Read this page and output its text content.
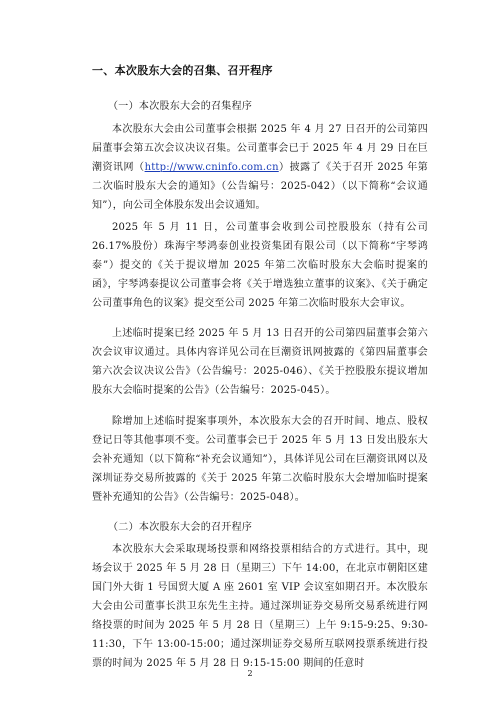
一、本次股东大会的召集、召开程序
（一）本次股东大会的召集程序

本次股东大会由公司董事会根据 2025 年 4 月 27 日召开的公司第四届董事会第五次会议决议召集。公司董事会已于 2025 年 4 月 29 日在巨潮资讯网（http://www.cninfo.com.cn）披露了《关于召开 2025 年第二次临时股东大会的通知》（公告编号：2025-042）（以下简称“会议通知”），向公司全体股东发出会议通知。

2025 年 5 月 11 日，公司董事会收到公司控股股东（持有公司 26.17%股份）珠海宇琴鸿泰创业投资集团有限公司（以下简称“宇琴鸿泰”）提交的《关于提议增加 2025 年第二次临时股东大会临时提案的函》，宇琴鸿泰提议公司董事会将《关于增选独立董事的议案》、《关于确定公司董事角色的议案》提交至公司 2025 年第二次临时股东大会审议。

上述临时提案已经 2025 年 5 月 13 日召开的公司第四届董事会第六次会议审议通过。具体内容详见公司在巨潮资讯网披露的《第四届董事会第六次会议决议公告》（公告编号：2025-046）、《关于控股股东提议增加股东大会临时提案的公告》（公告编号：2025-045）。

除增加上述临时提案事项外，本次股东大会的召开时间、地点、股权登记日等其他事项不变。公司董事会已于 2025 年 5 月 13 日发出股东大会补充通知（以下简称“补充会议通知”），具体详见公司在巨潮资讯网以及深圳证券交易所披露的《关于 2025 年第二次临时股东大会增加临时提案暨补充通知的公告》（公告编号：2025-048）。

（二）本次股东大会的召开程序

本次股东大会采取现场投票和网络投票相结合的方式进行。其中，现场会议于 2025 年 5 月 28 日（星期三）下午 14:00，在北京市朝阳区建国门外大街 1 号国贸大厦 A 座 2601 室 VIP 会议室如期召开。本次股东大会由公司董事长洪卫东先生主持。通过深圳证券交易所交易系统进行网络投票的时间为 2025 年 5 月 28 日（星期三）上午 9:15-9:25、9:30-11:30，下午 13:00-15:00；通过深圳证券交易所互联网投票系统进行投票的时间为 2025 年 5 月 28 日 9:15-15:00 期间的任意时

2
